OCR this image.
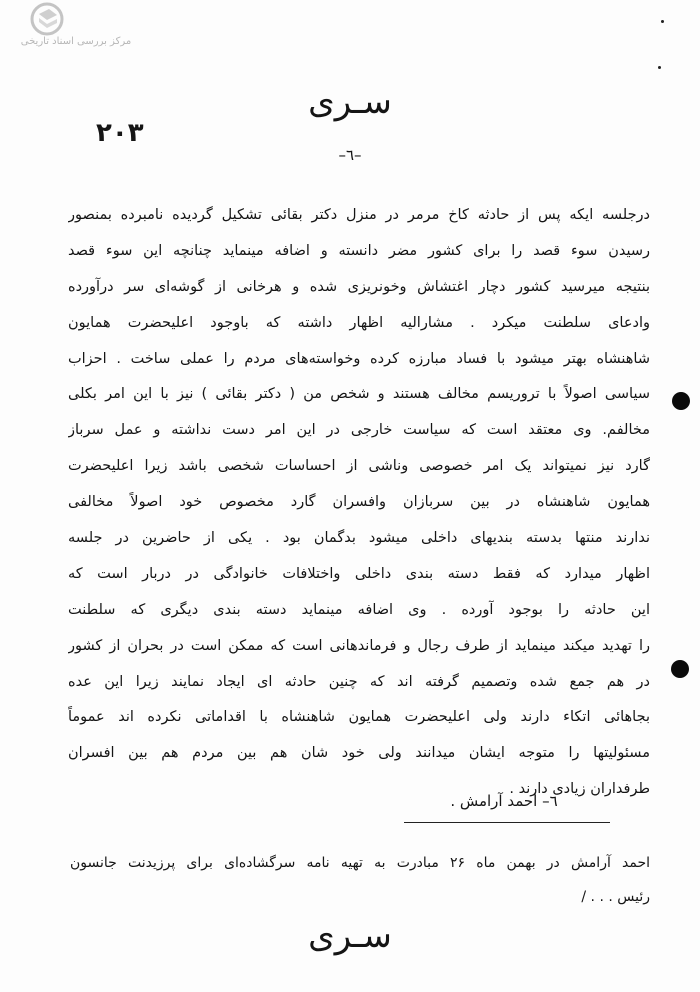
مرکز بررسی اسناد تاریخی
سـری
۲۰۳
–٦–
درجلسه ایکه پس از حادثه کاخ مرمر در منزل دکتر بقائی تشکیل گردیده نامبرده بمنصور
رسیدن سوء قصد را برای کشور مضر دانسته و اضافه مینماید چنانچه این سوء قصد
بنتیجه میرسید کشور دچار اغتشاش وخونریزی شده و هرخانی از گوشه‌ای سر درآورده
وادعای سلطنت میکرد . مشارالیه اظهار داشته که باوجود اعلیحضرت همایون
شاهنشاه بهتر میشود با فساد مبارزه کرده وخواسته‌های مردم را عملی ساخت . احزاب
سیاسی اصولاً با تروریسم مخالف هستند و شخص من ( دکتر بقائی ) نیز با این امر بکلی
مخالفم. وی معتقد است که سیاست خارجی در این امر دست نداشته و عمل سرباز
گارد نیز نمیتواند یک امر خصوصی وناشی از احساسات شخصی باشد زیرا اعلیحضرت
همایون شاهنشاه در بین سربازان وافسران گارد مخصوص خود اصولاً مخالفی
ندارند منتها بدسته بندیهای داخلی میشود بدگمان بود . یکی از حاضرین در جلسه
اظهار میدارد که فقط دسته بندی داخلی واختلافات خانوادگی در دربار است که
این حادثه را بوجود آورده . وی اضافه مینماید دسته بندی دیگری که سلطنت
را تهدید میکند مینماید از طرف رجال و فرماندهانی است که ممکن است در بحران از کشور
در هم جمع شده وتصمیم گرفته اند که چنین حادثه ای ایجاد نمایند زیرا این عده
بجاهائی اتکاء دارند ولی اعلیحضرت همایون شاهنشاه با اقداماتی نکرده اند عموماً
مسئولیتها را متوجه ایشان میدانند ولی خود شان هم بین مردم هم بین افسران
طرفداران زیادی دارند .
٦– احمد آرامش .
احمد آرامش در بهمن ماه ۲۶ مبادرت به تهیه نامه سرگشاده‌ای برای پرزیدنت جانسون
رئیس . . . /
سـری
